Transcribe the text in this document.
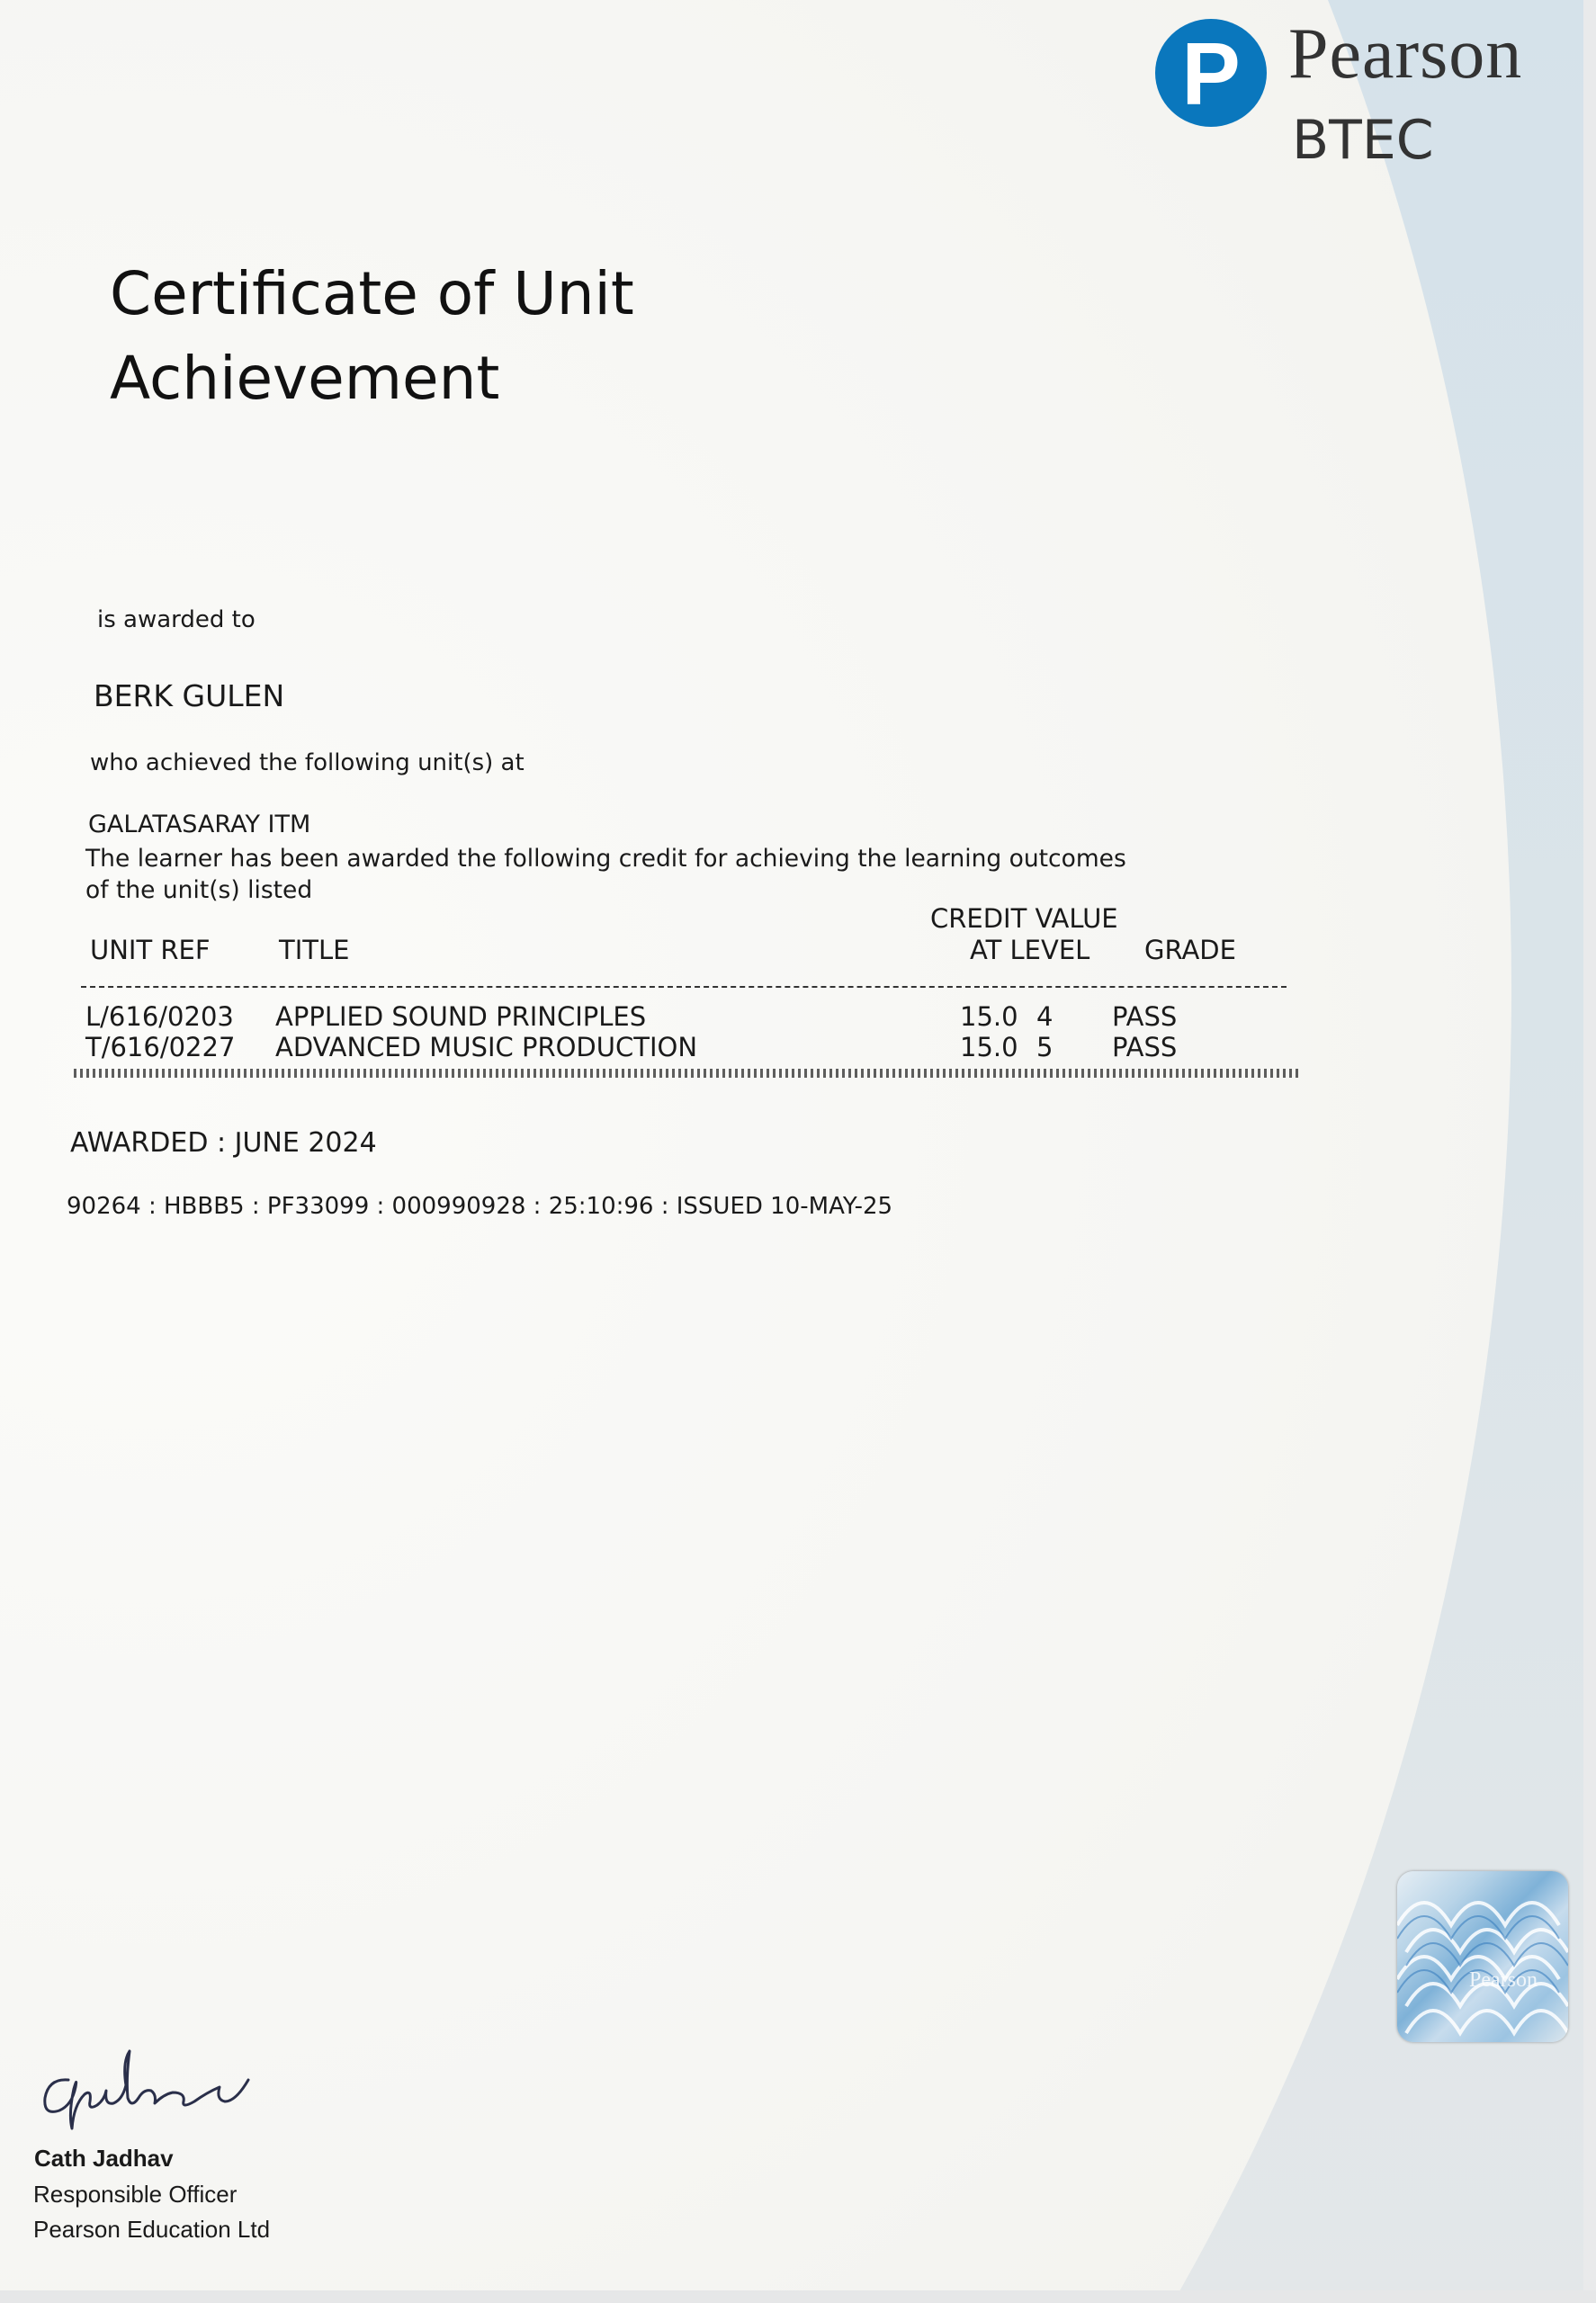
P Pearson
BTEC
Certificate of Unit
Achievement
is awarded to
BERK GULEN
who achieved the following unit(s) at
GALATASARAY ITM
The learner has been awarded the following credit for achieving the learning outcomes
of the unit(s) listed
UNIT REF	TITLE
CREDIT VALUE
AT LEVEL GRADE
L/616/0203 APPLIED SOUND PRINCIPLES	15.0 4 PASS
T/616/0227 ADVANCED MUSIC PRODUCTION	15.0 5 PASS
AWARDED : JUNE 2024
90264 : HBBB5 : PF33099 : 000990928 : 25:10:96 : ISSUED 10-MAY-25
Pearson
Cath Jadhav
Responsible Officer
Pearson Education Ltd
